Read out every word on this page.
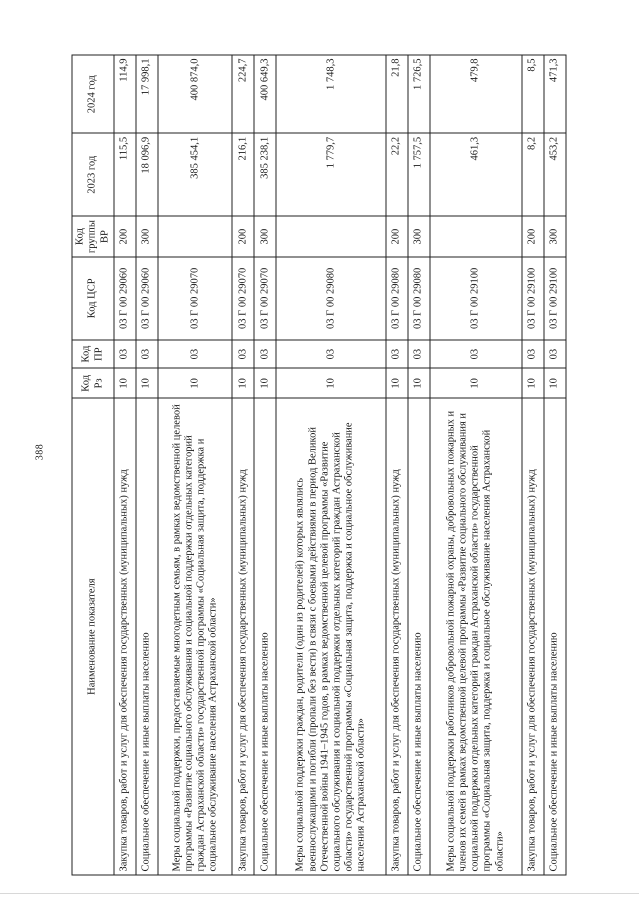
388
Наименование показателя	Код Рз	Код ПР	Код ЦСР	Код группы ВР	2023 год	2024 год
Закупка товаров, работ и услуг для обеспечения государственных (муниципальных) нужд	10	03	03 Г 00 29060	200	115,5	114,9
Социальное обеспечение и иные выплаты населению	10	03	03 Г 00 29060	300	18 096,9	17 998,1
Меры социальной поддержки, предоставляемые многодетным семьям, в рамках ведомственной целевой программы «Развитие социального обслуживания и социальной поддержки отдельных категорий граждан Астраханской области» государственной программы «Социальная защита, поддержка и социальное обслуживание населения Астраханской области»	10	03	03 Г 00 29070		385 454,1	400 874,0
Закупка товаров, работ и услуг для обеспечения государственных (муниципальных) нужд	10	03	03 Г 00 29070	200	216,1	224,7
Социальное обеспечение и иные выплаты населению	10	03	03 Г 00 29070	300	385 238,1	400 649,3
Меры социальной поддержки граждан, родители (один из родителей) которых являлись военнослужащими и погибли (пропали без вести) в связи с боевыми действиями в период Великой Отечественной войны 1941–1945 годов, в рамках ведомственной целевой программы «Развитие социального обслуживания и социальной поддержки отдельных категорий граждан Астраханской области» государственной программы «Социальная защита, поддержка и социальное обслуживание населения Астраханской области»	10	03	03 Г 00 29080		1 779,7	1 748,3
Закупка товаров, работ и услуг для обеспечения государственных (муниципальных) нужд	10	03	03 Г 00 29080	200	22,2	21,8
Социальное обеспечение и иные выплаты населению	10	03	03 Г 00 29080	300	1 757,5	1 726,5
Меры социальной поддержки работников добровольной пожарной охраны, добровольных пожарных и членов их семей в рамках ведомственной целевой программы «Развитие социального обслуживания и социальной поддержки отдельных категорий граждан Астраханской области» государственной программы «Социальная защита, поддержка и социальное обслуживание населения Астраханской области»	10	03	03 Г 00 29100		461,3	479,8
Закупка товаров, работ и услуг для обеспечения государственных (муниципальных) нужд	10	03	03 Г 00 29100	200	8,2	8,5
Социальное обеспечение и иные выплаты населению	10	03	03 Г 00 29100	300	453,2	471,3
